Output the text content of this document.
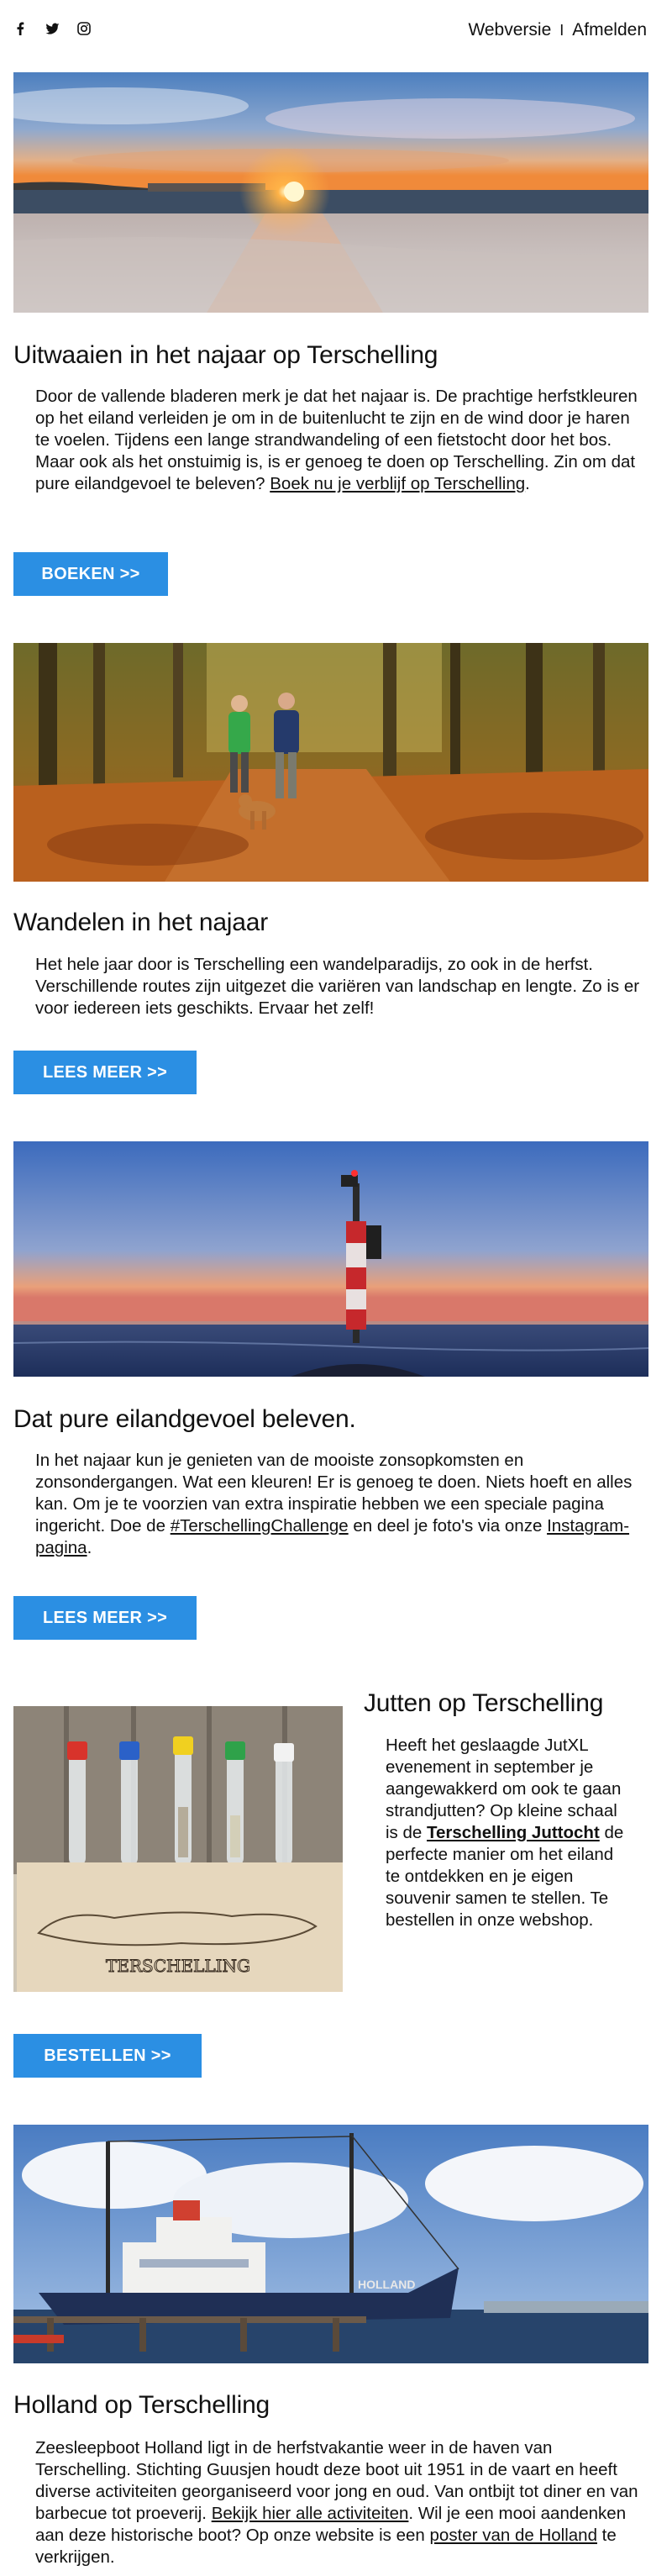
Webversie I Afmelden
Uitwaaien in het najaar op Terschelling

Door de vallende bladeren merk je dat het najaar is. De prachtige herfstkleuren op het eiland verleiden je om in de buitenlucht te zijn en de wind door je haren te voelen. Tijdens een lange strandwandeling of een fietstocht door het bos. Maar ook als het onstuimig is, is er genoeg te doen op Terschelling. Zin om dat pure eilandgevoel te beleven? Boek nu je verblijf op Terschelling.

BOEKEN >>
Wandelen in het najaar

Het hele jaar door is Terschelling een wandelparadijs, zo ook in de herfst. Verschillende routes zijn uitgezet die variëren van landschap en lengte. Zo is er voor iedereen iets geschikts. Ervaar het zelf!

LEES MEER >>
Dat pure eilandgevoel beleven.

In het najaar kun je genieten van de mooiste zonsopkomsten en zonsondergangen. Wat een kleuren! Er is genoeg te doen. Niets hoeft en alles kan. Om je te voorzien van extra inspiratie hebben we een speciale pagina ingericht. Doe de #TerschellingChallenge en deel je foto's via onze Instagram-pagina.

LEES MEER >>
TERSCHELLING
Jutten op Terschelling

Heeft het geslaagde JutXL evenement in september je aangewakkerd om ook te gaan strandjutten? Op kleine schaal is de Terschelling Juttocht de perfecte manier om het eiland te ontdekken en je eigen souvenir samen te stellen. Te bestellen in onze webshop.

BESTELLEN >>
HOLLAND
Holland op Terschelling

Zeesleepboot Holland ligt in de herfstvakantie weer in de haven van Terschelling. Stichting Guusjen houdt deze boot uit 1951 in de vaart en heeft diverse activiteiten georganiseerd voor jong en oud. Van ontbijt tot diner en van barbecue tot proeverij. Bekijk hier alle activiteiten. Wil je een mooi aandenken aan deze historische boot? Op onze website is een poster van de Holland te verkrijgen.
